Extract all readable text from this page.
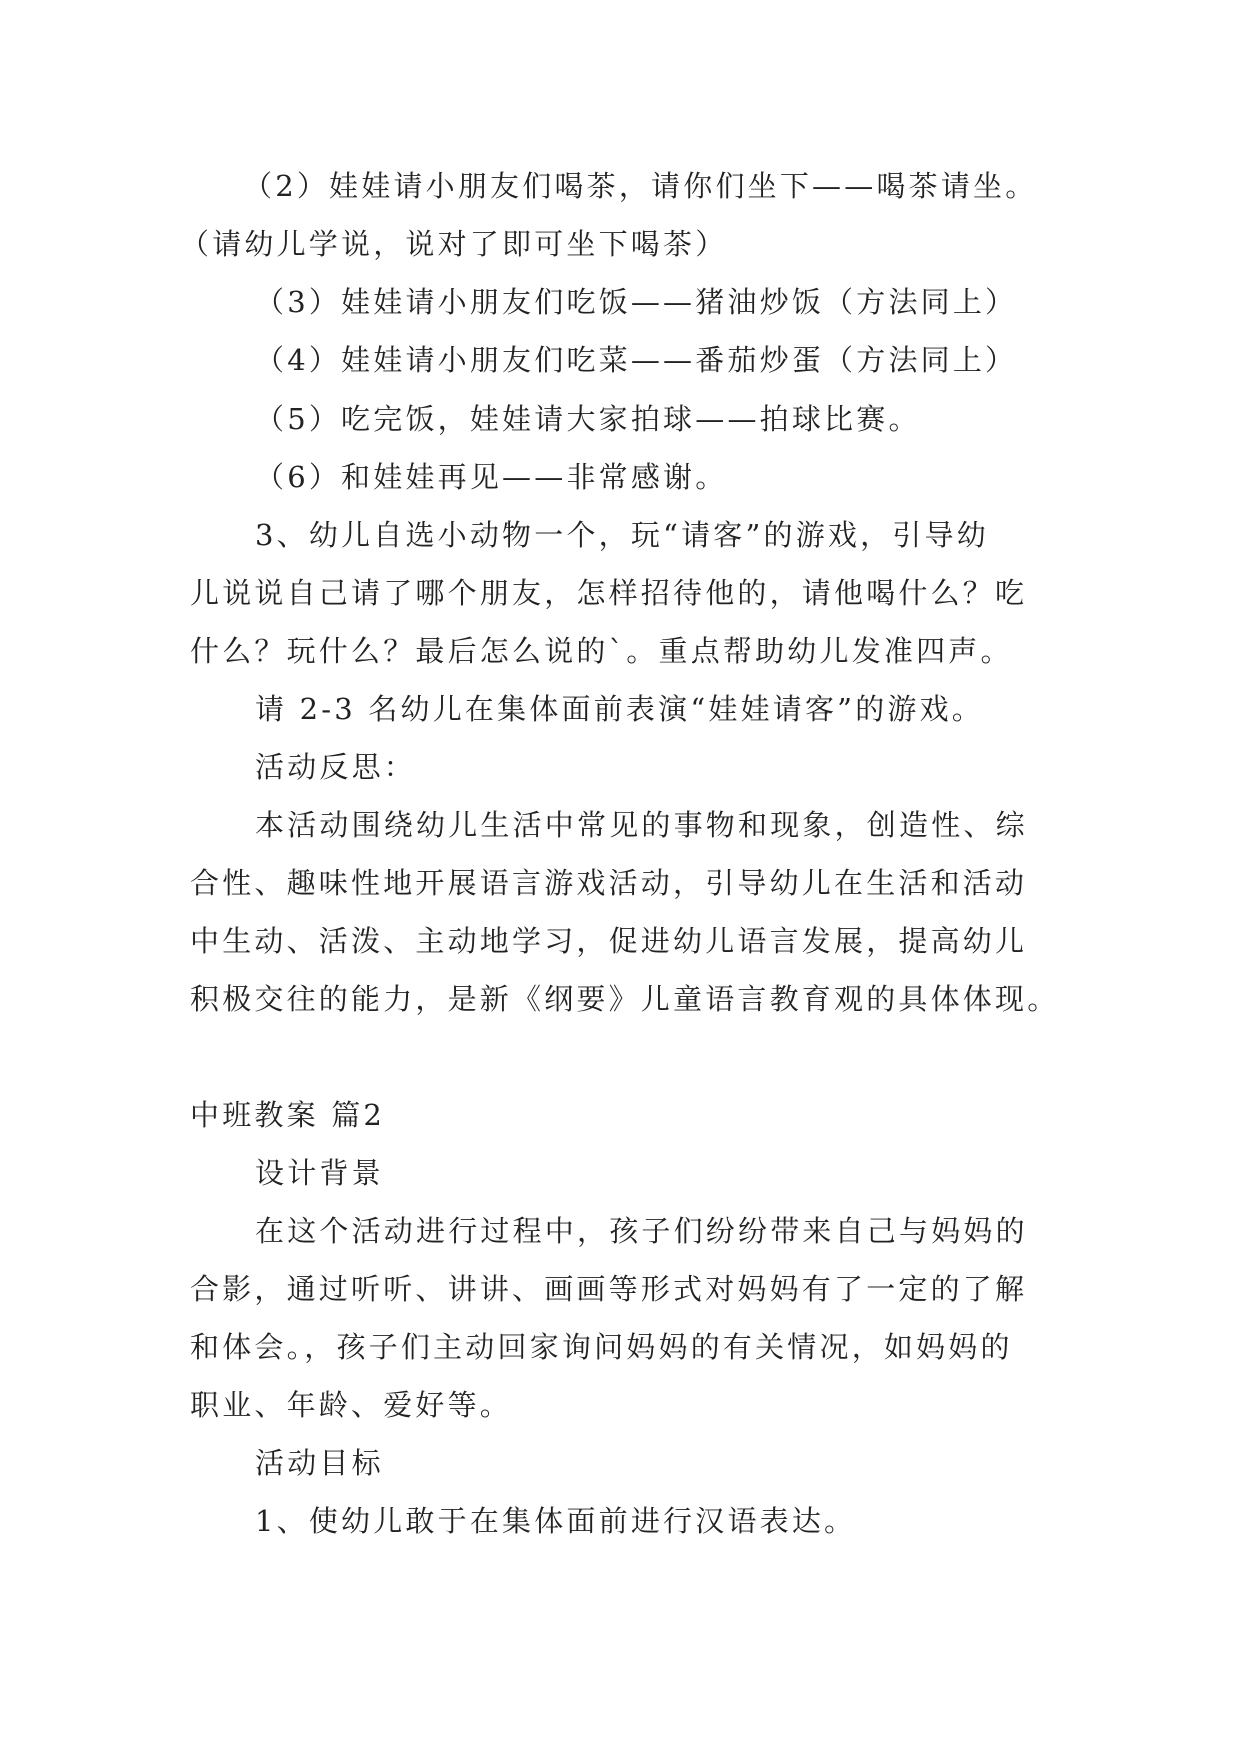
（2）娃娃请小朋友们喝茶，请你们坐下——喝茶请坐。
（请幼儿学说，说对了即可坐下喝茶）
（3）娃娃请小朋友们吃饭——猪油炒饭（方法同上）
（4）娃娃请小朋友们吃菜——番茄炒蛋（方法同上）
（5）吃完饭，娃娃请大家拍球——拍球比赛。
（6）和娃娃再见——非常感谢。
3、幼儿自选小动物一个，玩“请客”的游戏，引导幼
儿说说自己请了哪个朋友，怎样招待他的，请他喝什么？吃
什么？玩什么？最后怎么说的`。重点帮助幼儿发准四声。
请 2-3 名幼儿在集体面前表演“娃娃请客”的游戏。
活动反思：
本活动围绕幼儿生活中常见的事物和现象，创造性、综
合性、趣味性地开展语言游戏活动，引导幼儿在生活和活动
中生动、活泼、主动地学习，促进幼儿语言发展，提高幼儿
积极交往的能力，是新《纲要》儿童语言教育观的具体体现。
中班教案 篇2
设计背景
在这个活动进行过程中，孩子们纷纷带来自己与妈妈的
合影，通过听听、讲讲、画画等形式对妈妈有了一定的了解
和体会。，孩子们主动回家询问妈妈的有关情况，如妈妈的
职业、年龄、爱好等。
活动目标
1、使幼儿敢于在集体面前进行汉语表达。
